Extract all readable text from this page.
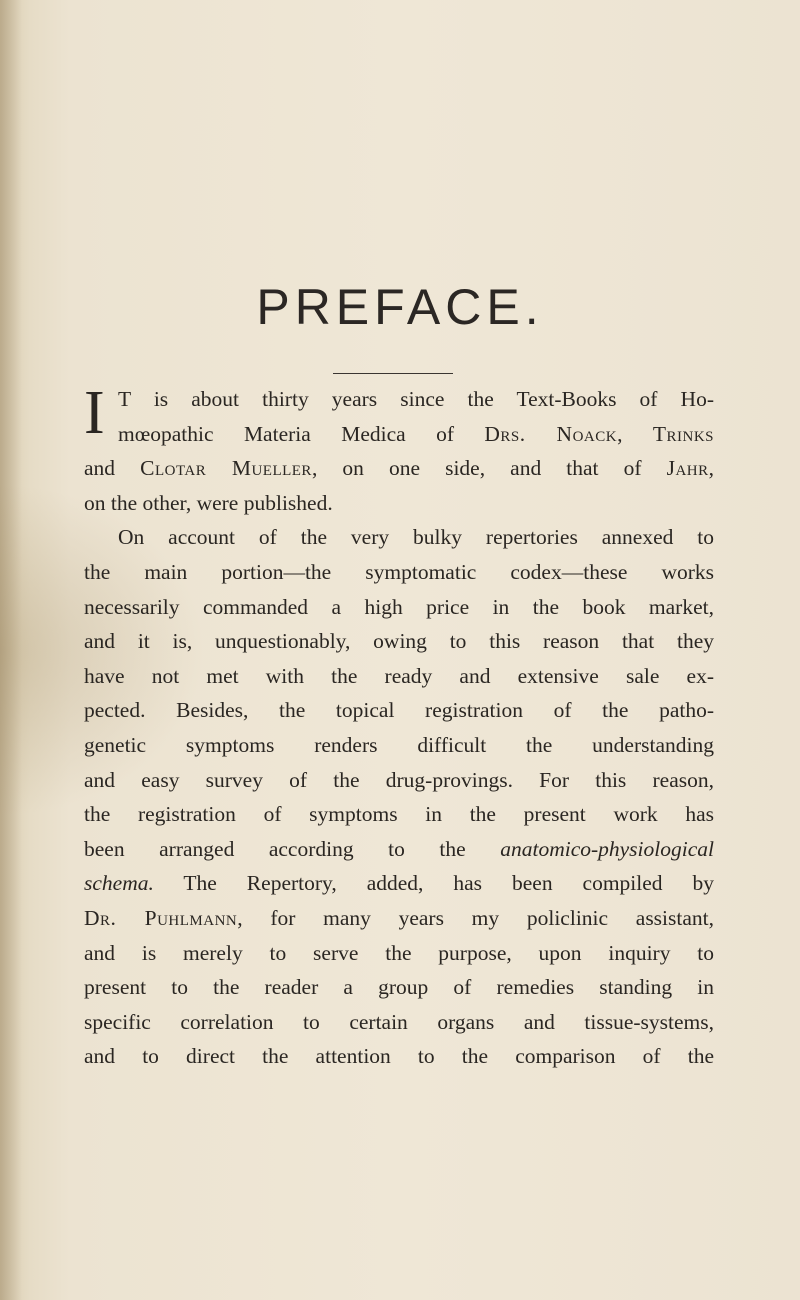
PREFACE.
I T is about thirty years since the Text-Books of Ho-
mœopathic Materia Medica of Drs. Noack, Trinks
and Clotar Mueller, on one side, and that of Jahr,
on the other, were published.
On account of the very bulky repertories annexed to
the main portion—the symptomatic codex—these works
necessarily commanded a high price in the book market,
and it is, unquestionably, owing to this reason that they
have not met with the ready and extensive sale ex-
pected. Besides, the topical registration of the patho-
genetic symptoms renders difficult the understanding
and easy survey of the drug-provings. For this reason,
the registration of symptoms in the present work has
been arranged according to the anatomico-physiological
schema. The Repertory, added, has been compiled by
Dr. Puhlmann, for many years my policlinic assistant,
and is merely to serve the purpose, upon inquiry to
present to the reader a group of remedies standing in
specific correlation to certain organs and tissue-systems,
and to direct the attention to the comparison of the
